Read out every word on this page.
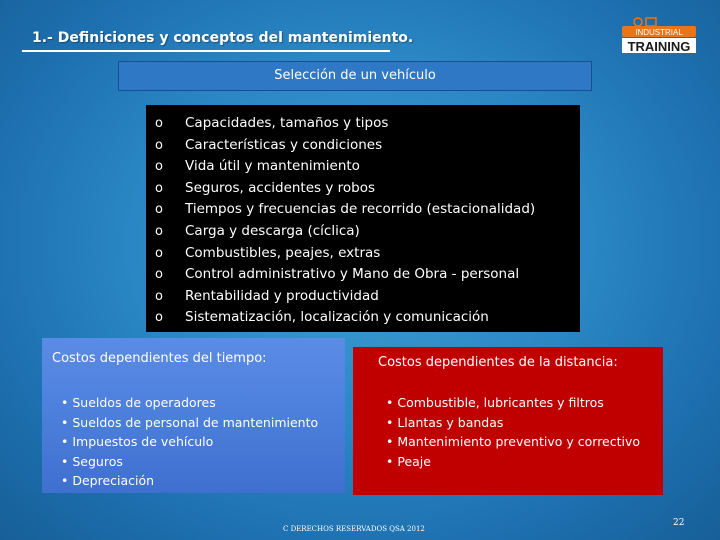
1.- Definiciones y conceptos del mantenimiento.	INDUSTRIAL
TRAINING
Selección de un vehículo
o Capacidades, tamaños y tipos
o Características y condiciones
o Vida útil y mantenimiento
o Seguros, accidentes y robos
o Tiempos y frecuencias de recorrido (estacionalidad)
o Carga y descarga (cíclica)
o Combustibles, peajes, extras
o Control administrativo y Mano de Obra - personal
o Rentabilidad y productividad
o Sistematización, localización y comunicación
Costos dependientes del tiempo:
• Sueldos de operadores
• Sueldos de personal de mantenimiento
• Impuestos de vehículo
• Seguros
• Depreciación
Costos dependientes de la distancia:
• Combustible, lubricantes y filtros
• Llantas y bandas
• Mantenimiento preventivo y correctivo
• Peaje
C DERECHOS RESERVADOS QSA 2012
22
